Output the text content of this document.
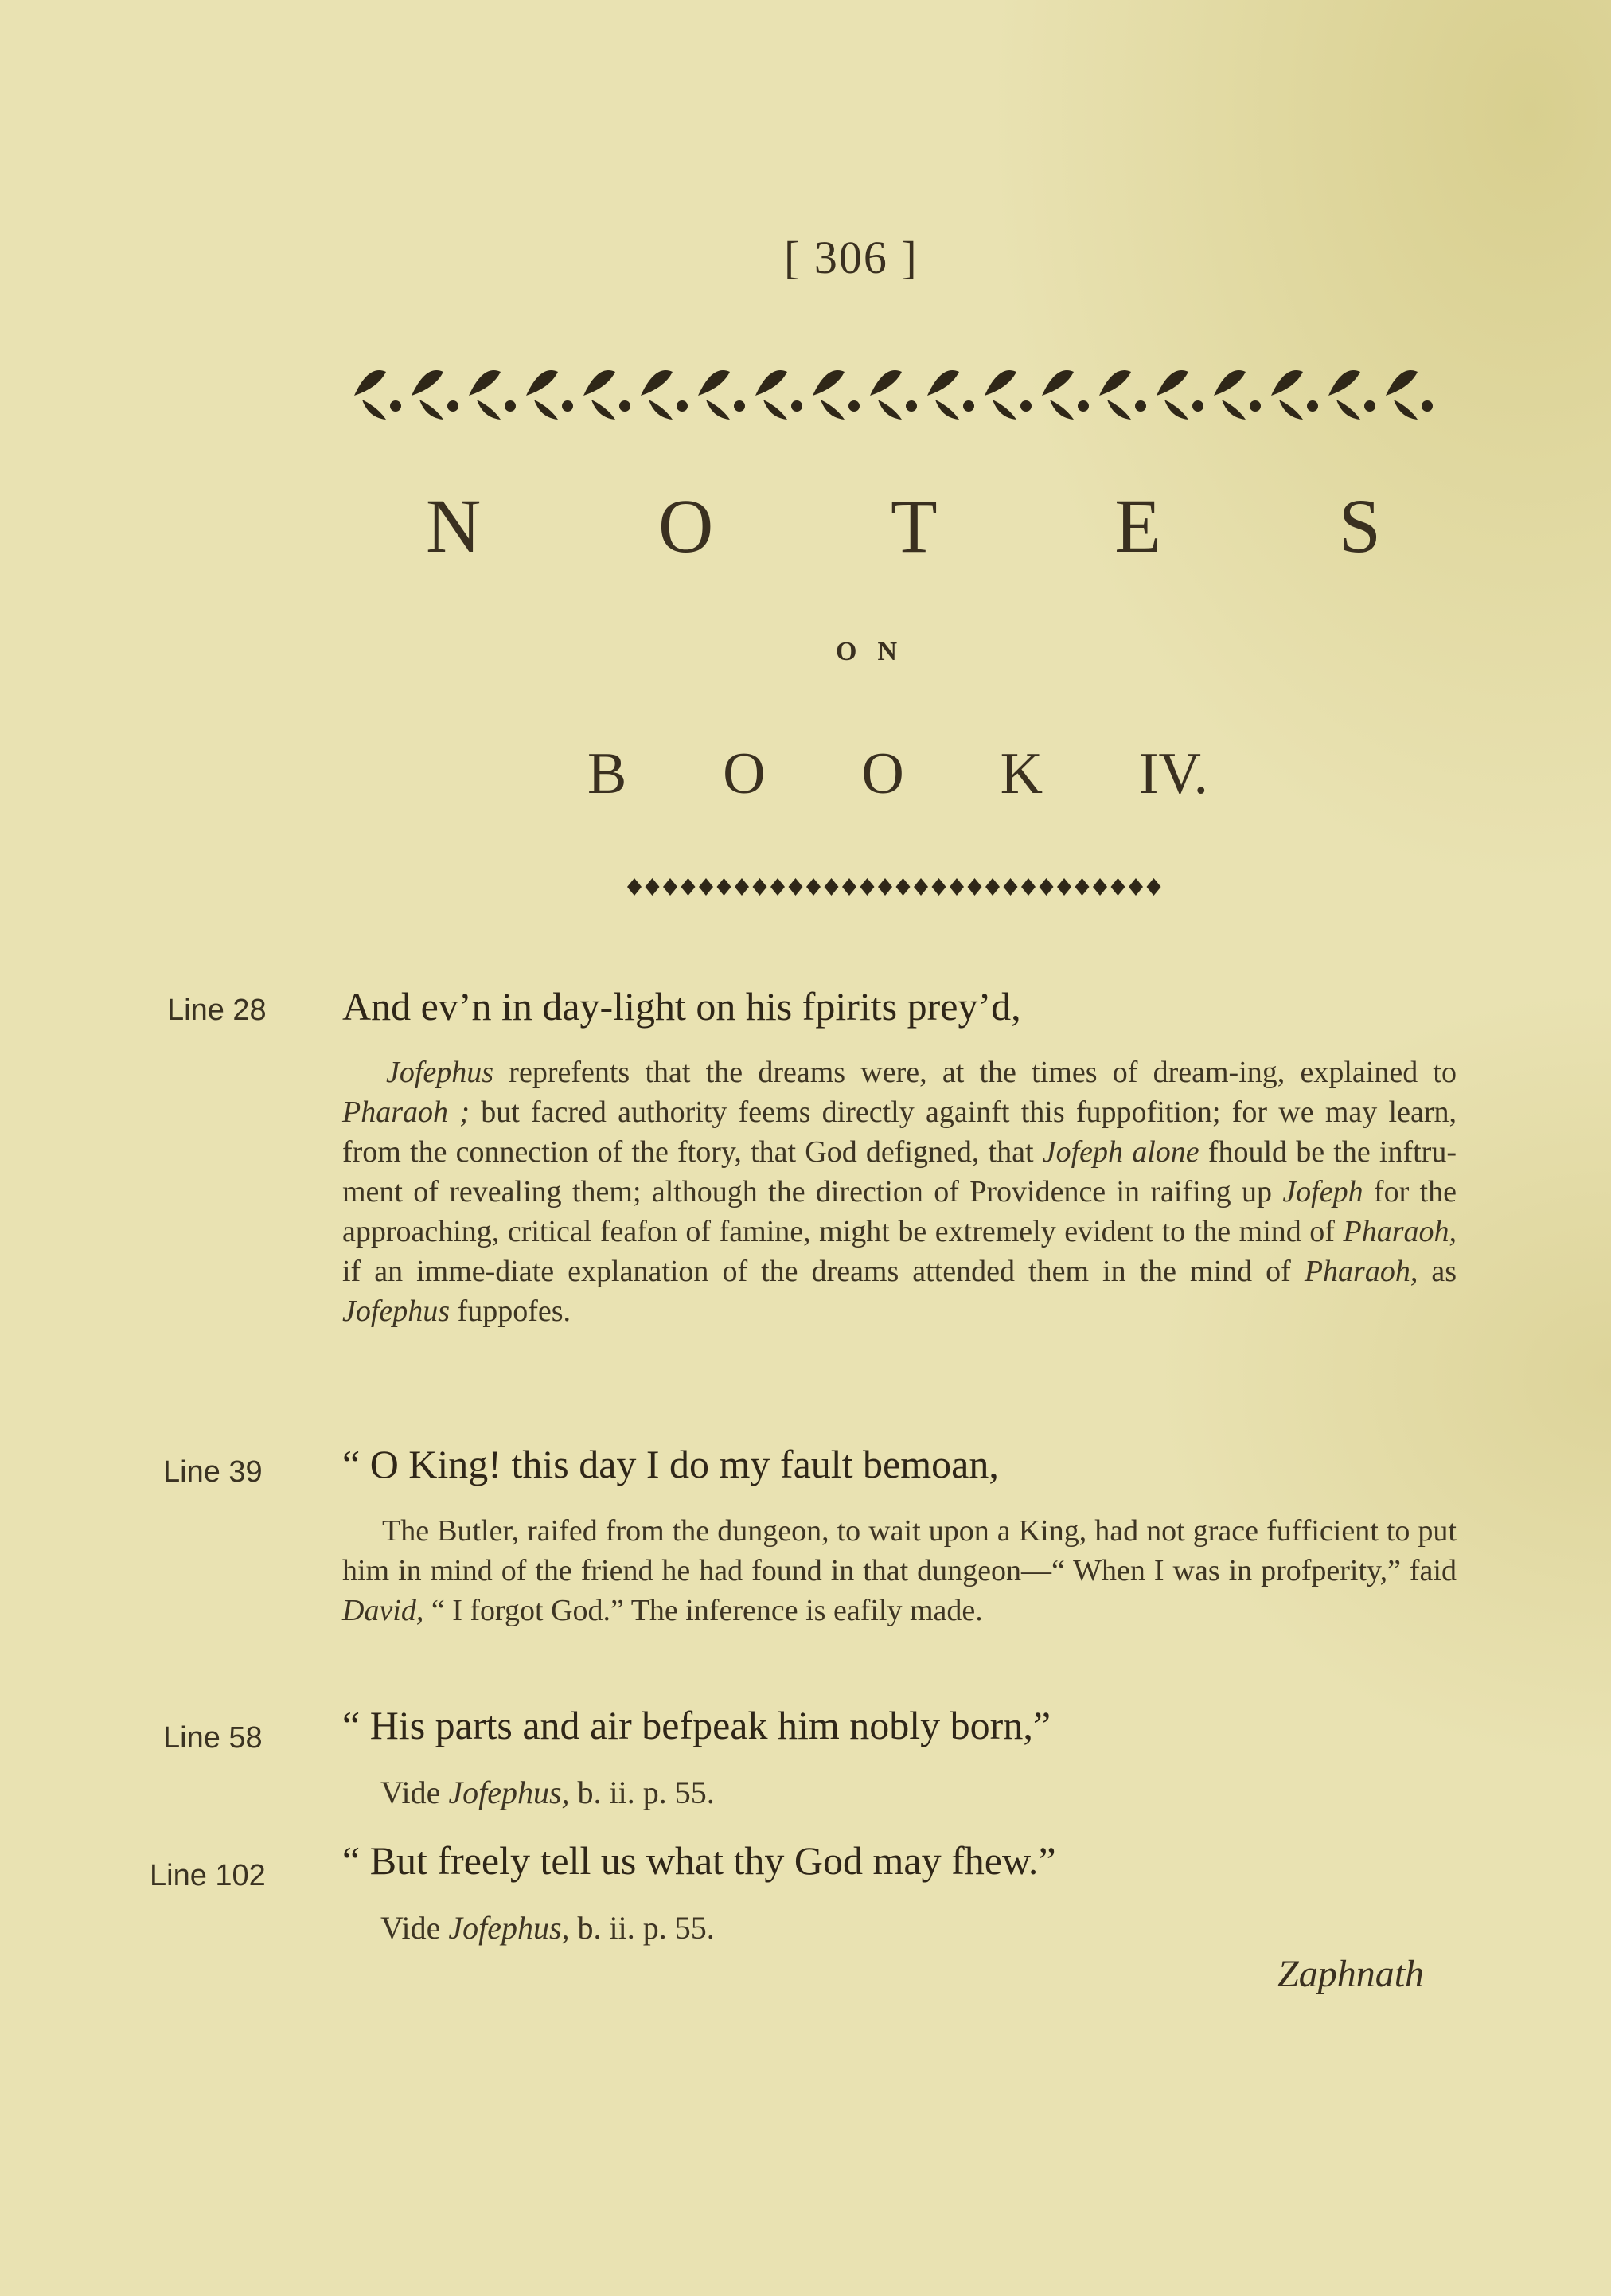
[ 306 ]
N O T E S
ON
B O O K IV.
Line 28 And ev’n in day-light on his fpirits prey’d,

Jofephus reprefents that the dreams were, at the times of dream-ing, explained to Pharaoh ; but facred authority feems directly againft this fuppofition; for we may learn, from the connection of the ftory, that God defigned, that Jofeph alone fhould be the inftru-ment of revealing them; although the direction of Providence in raifing up Jofeph for the approaching, critical feafon of famine, might be extremely evident to the mind of Pharaoh, if an imme-diate explanation of the dreams attended them in the mind of Pharaoh, as Jofephus fuppofes.

Line 39 “ O King! this day I do my fault bemoan,

The Butler, raifed from the dungeon, to wait upon a King, had not grace fufficient to put him in mind of the friend he had found in that dungeon—“ When I was in profperity,” faid David, “ I forgot God.” The inference is eafily made.

Line 58 “ His parts and air befpeak him nobly born,”
Vide Jofephus, b. ii. p. 55.
Line 102 “ But freely tell us what thy God may fhew.”
Vide Jofephus, b. ii. p. 55.
Zaphnath
